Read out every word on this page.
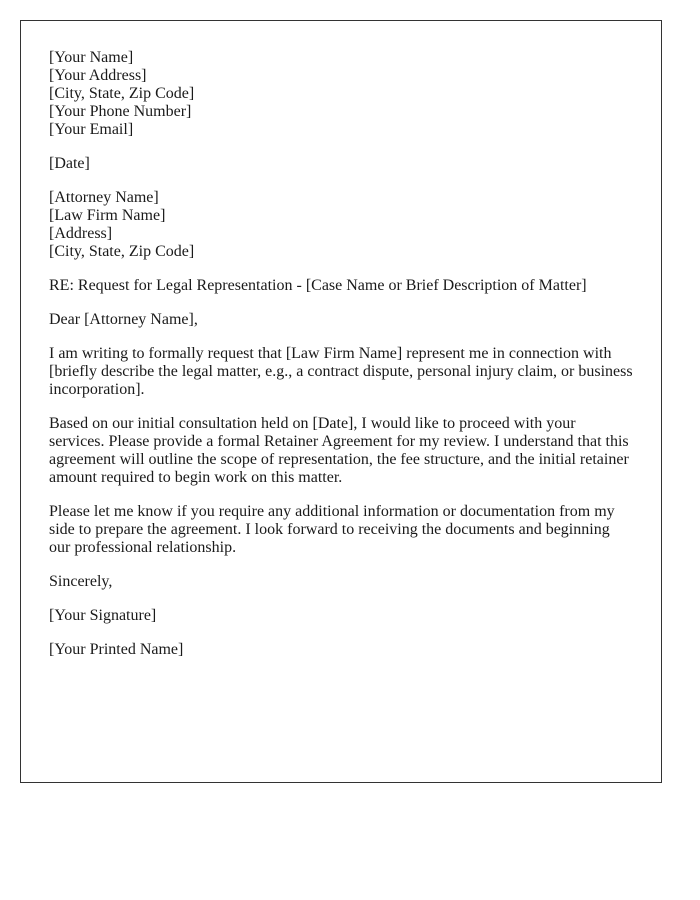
[Your Name]
[Your Address]
[City, State, Zip Code]
[Your Phone Number]
[Your Email]

[Date]

[Attorney Name]
[Law Firm Name]
[Address]
[City, State, Zip Code]

RE: Request for Legal Representation - [Case Name or Brief Description of Matter]

Dear [Attorney Name],

I am writing to formally request that [Law Firm Name] represent me in connection with [briefly describe the legal matter, e.g., a contract dispute, personal injury claim, or business incorporation].

Based on our initial consultation held on [Date], I would like to proceed with your services. Please provide a formal Retainer Agreement for my review. I understand that this agreement will outline the scope of representation, the fee structure, and the initial retainer amount required to begin work on this matter.

Please let me know if you require any additional information or documentation from my side to prepare the agreement. I look forward to receiving the documents and beginning our professional relationship.

Sincerely,

[Your Signature]

[Your Printed Name]
